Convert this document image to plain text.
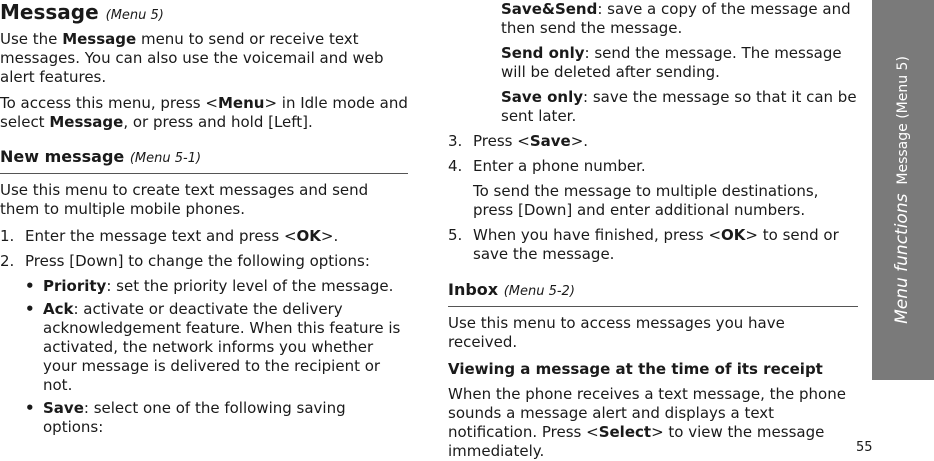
Message (Menu 5)

Use the Message menu to send or receive text messages. You can also use the voicemail and web alert features.

To access this menu, press <Menu> in Idle mode and select Message, or press and hold [Left].

New message (Menu 5-1)

Use this menu to create text messages and send them to multiple mobile phones.

1. Enter the message text and press <OK>.
2. Press [Down] to change the following options:
• Priority: set the priority level of the message.
• Ack: activate or deactivate the delivery acknowledgement feature. When this feature is activated, the network informs you whether your message is delivered to the recipient or not.
• Save: select one of the following saving options:

Save&Send: save a copy of the message and then send the message.

Send only: send the message. The message will be deleted after sending.

Save only: save the message so that it can be sent later.

3. Press <Save>.
4. Enter a phone number.

To send the message to multiple destinations, press [Down] and enter additional numbers.

5. When you have finished, press <OK> to send or save the message.

Inbox (Menu 5-2)

Use this menu to access messages you have received.

Viewing a message at the time of its receipt

When the phone receives a text message, the phone sounds a message alert and displays a text notification. Press <Select> to view the message immediately.

Menu functions  Message (Menu 5)
55
